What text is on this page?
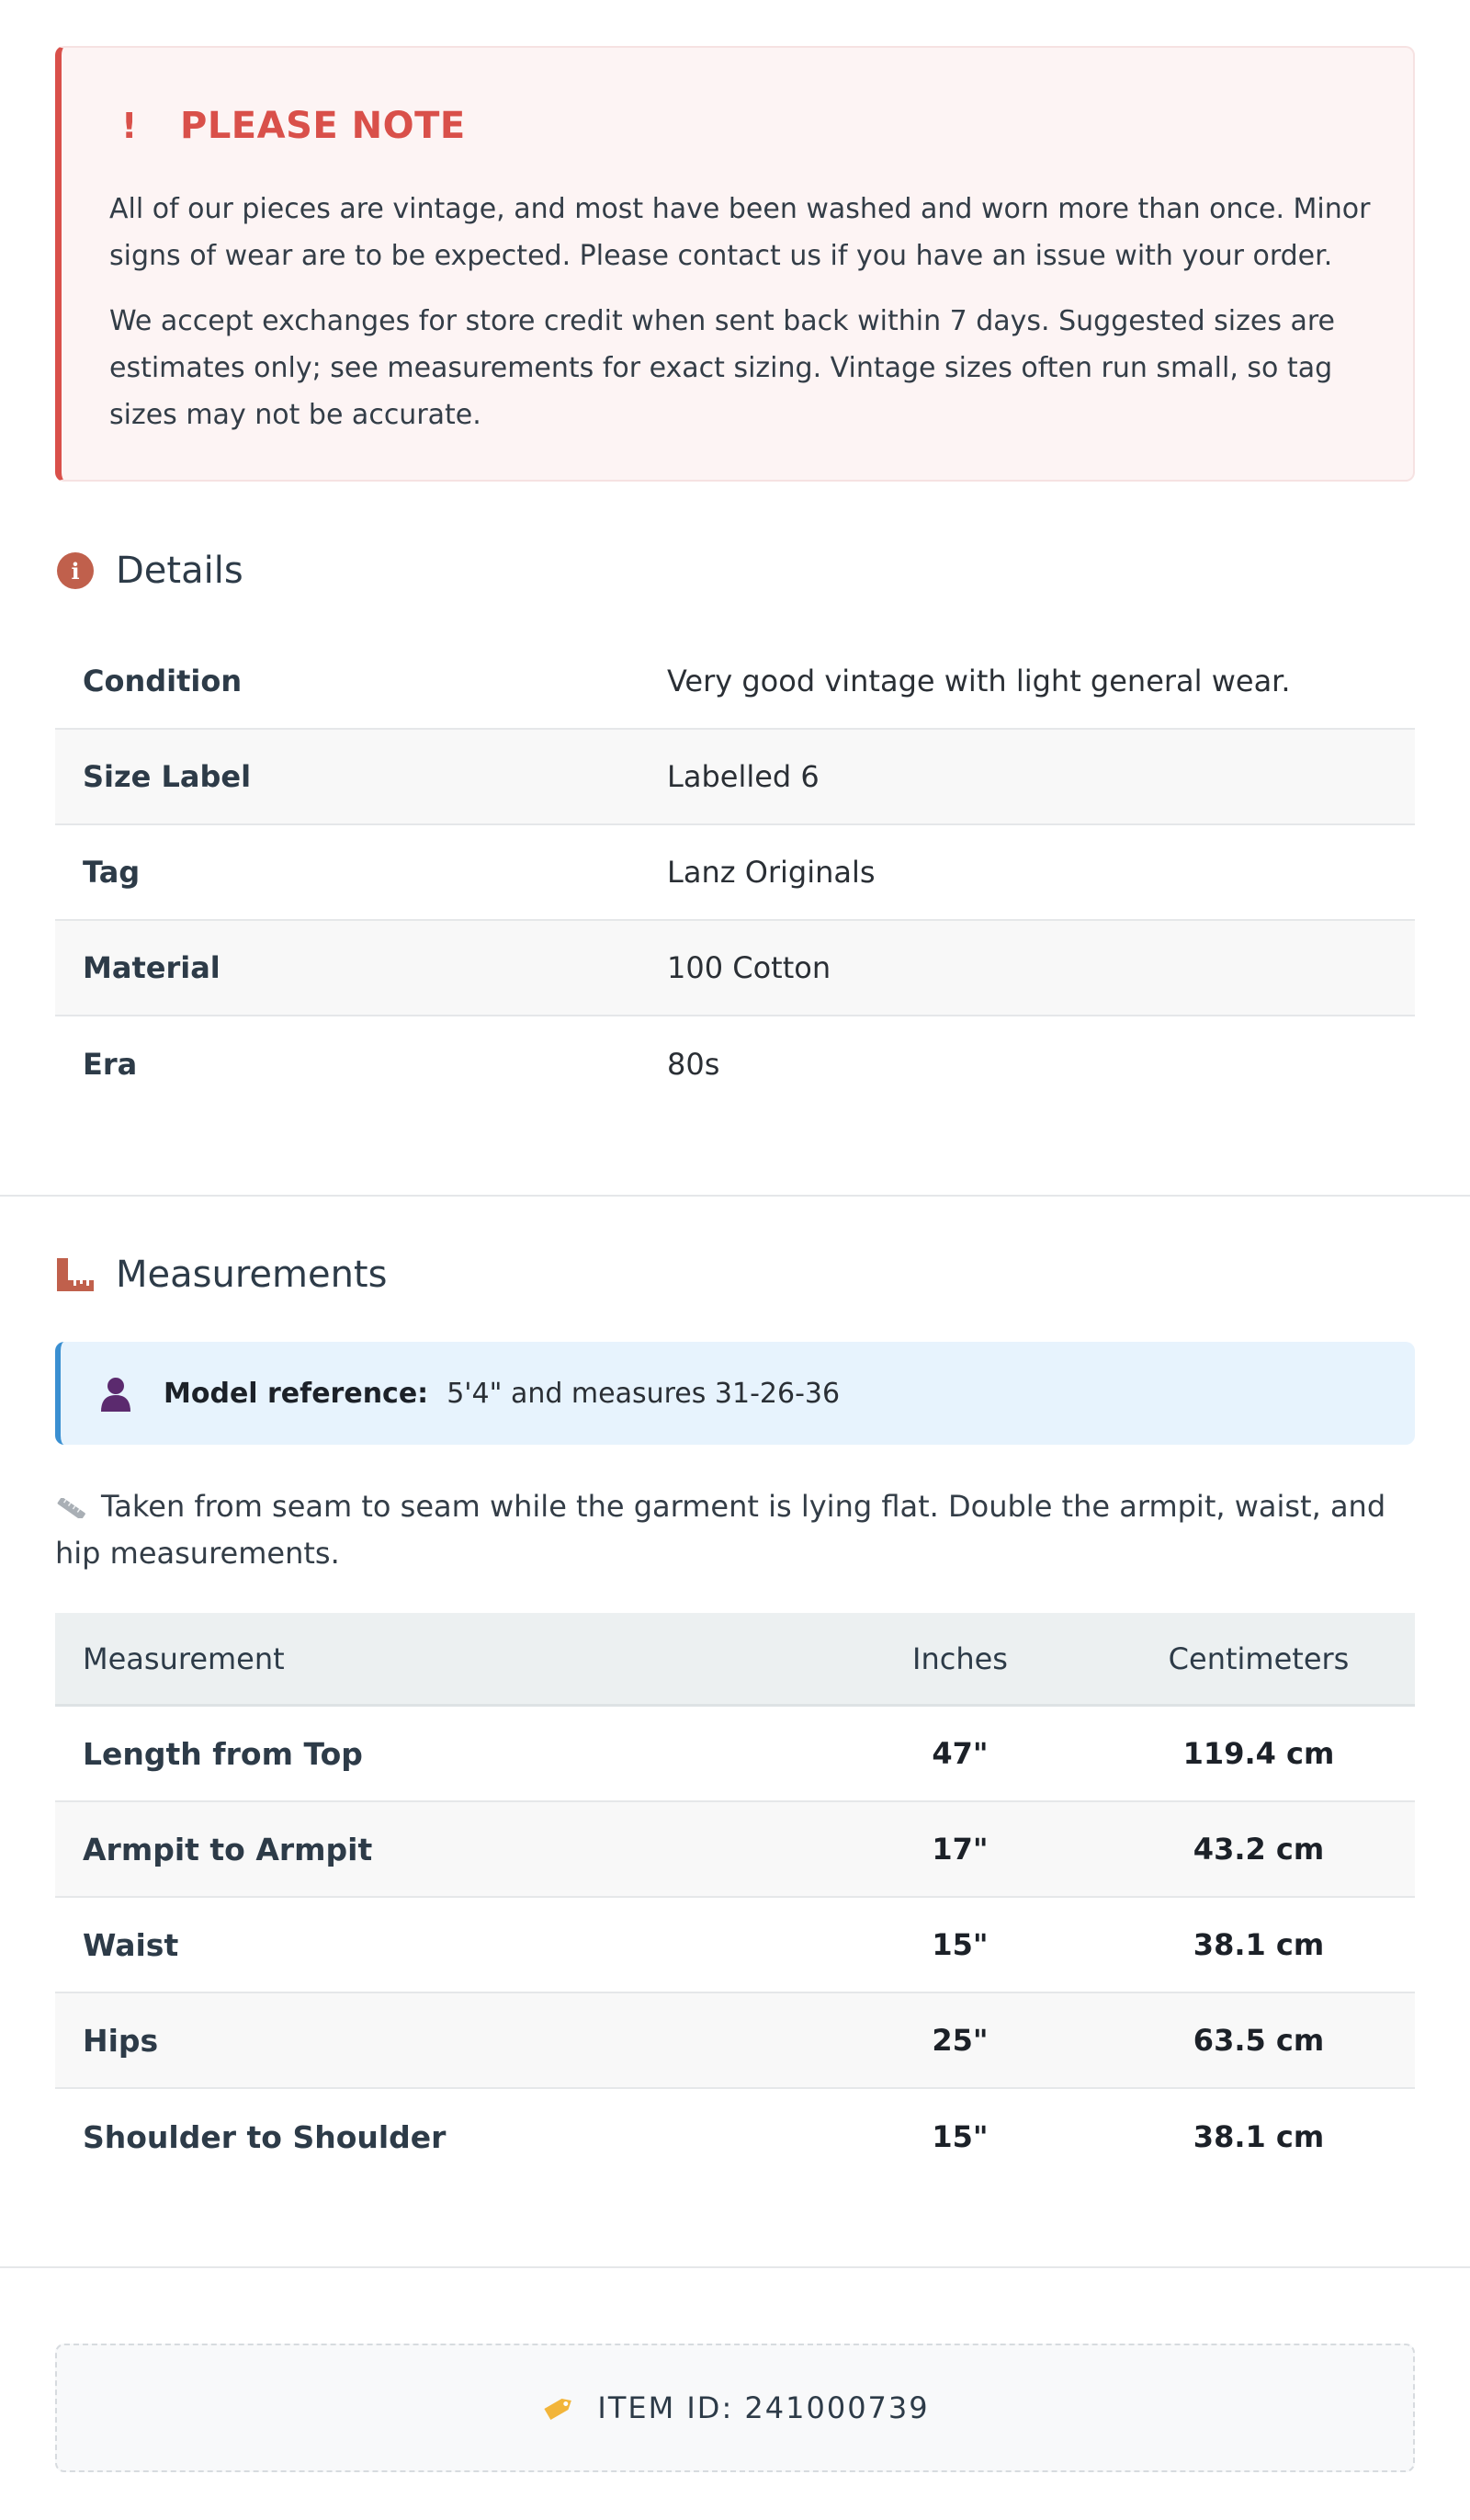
!	PLEASE NOTE

All of our pieces are vintage, and most have been washed and worn more than once. Minor signs of wear are to be expected. Please contact us if you have an issue with your order.

We accept exchanges for store credit when sent back within 7 days. Suggested sizes are estimates only; see measurements for exact sizing. Vintage sizes often run small, so tag sizes may not be accurate.

i Details
Condition	Very good vintage with light general wear.
Size Label	Labelled 6
Tag	Lanz Originals
Material	100 Cotton
Era	80s
Measurements
Model reference: 5'4" and measures 31-26-36
Taken from seam to seam while the garment is lying flat. Double the armpit, waist, and hip measurements.
Measurement	Inches	Centimeters
Length from Top	47"	119.4 cm
Armpit to Armpit	17"	43.2 cm
Waist	15"	38.1 cm
Hips	25"	63.5 cm
Shoulder to Shoulder	15"	38.1 cm
ITEM ID: 241000739
